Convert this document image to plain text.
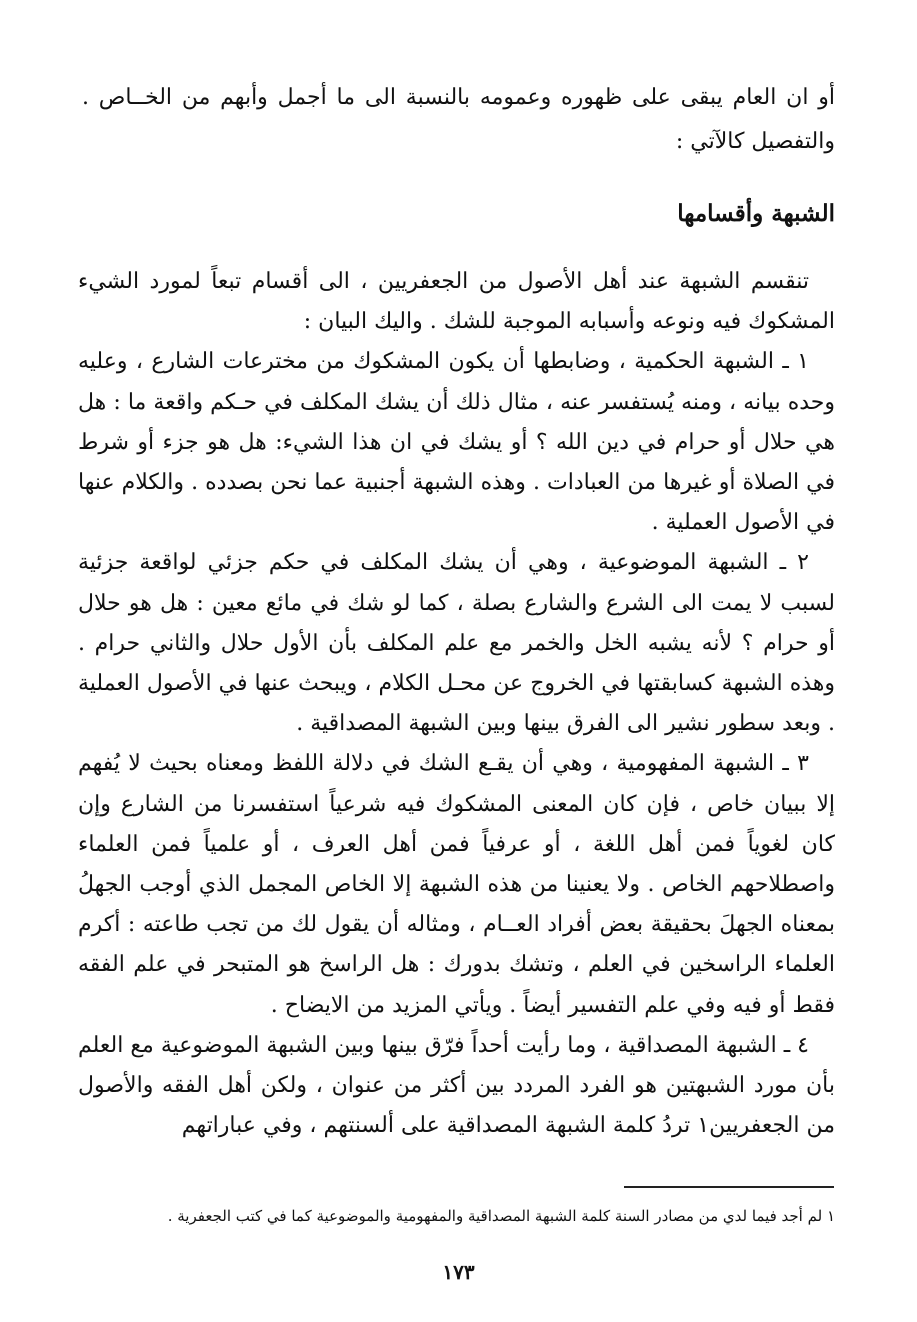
أو ان العام يبقى على ظهوره وعمومه بالنسبة الى ما أجمل وأبهم من الخــاص . والتفصيل كالآتي :
الشبهة وأقسامها

تنقسم الشبهة عند أهل الأصول من الجعفريين ، الى أقسام تبعاً لمورد الشيء المشكوك فيه ونوعه وأسبابه الموجبة للشك . واليك البيان :

١ ـ الشبهة الحكمية ، وضابطها أن يكون المشكوك من مخترعات الشارع ، وعليه وحده بيانه ، ومنه يُستفسر عنه ، مثال ذلك أن يشك المكلف في حـكم واقعة ما : هل هي حلال أو حرام في دين الله ؟ أو يشك في ان هذا الشيء: هل هو جزء أو شرط في الصلاة أو غيرها من العبادات . وهذه الشبهة أجنبية عما نحن بصدده . والكلام عنها في الأصول العملية .

٢ ـ الشبهة الموضوعية ، وهي أن يشك المكلف في حكم جزئي لواقعة جزئية لسبب لا يمت الى الشرع والشارع بصلة ، كما لو شك في مائع معين : هل هو حلال أو حرام ؟ لأنه يشبه الخل والخمر مع علم المكلف بأن الأول حلال والثاني حرام . وهذه الشبهة كسابقتها في الخروج عن محـل الكلام ، ويبحث عنها في الأصول العملية . وبعد سطور نشير الى الفرق بينها وبين الشبهة المصداقية .

٣ ـ الشبهة المفهومية ، وهي أن يقـع الشك في دلالة اللفظ ومعناه بحيث لا يُفهم إلا ببيان خاص ، فإن كان المعنى المشكوك فيه شرعياً استفسرنا من الشارع وإن كان لغوياً فمن أهل اللغة ، أو عرفياً فمن أهل العرف ، أو علمياً فمن العلماء واصطلاحهم الخاص . ولا يعنينا من هذه الشبهة إلا الخاص المجمل الذي أوجب الجهلُ بمعناه الجهلَ بحقيقة بعض أفراد العــام ، ومثاله أن يقول لك من تجب طاعته : أكرم العلماء الراسخين في العلم ، وتشك بدورك : هل الراسخ هو المتبحر في علم الفقه فقط أو فيه وفي علم التفسير أيضاً . ويأتي المزيد من الايضاح .

٤ ـ الشبهة المصداقية ، وما رأيت أحداً فرّق بينها وبين الشبهة الموضوعية مع العلم بأن مورد الشبهتين هو الفرد المردد بين أكثر من عنوان ، ولكن أهل الفقه والأصول من الجعفريين١ تردُ كلمة الشبهة المصداقية على ألسنتهم ، وفي عباراتهم

١ لم أجد فيما لدي من مصادر السنة كلمة الشبهة المصداقية والمفهومية والموضوعية كما في كتب الجعفرية .
١٧٣
